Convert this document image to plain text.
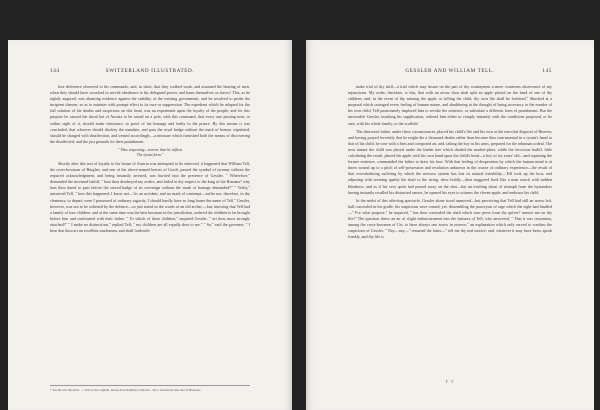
144	SWITZERLAND ILLUSTRATED.

lose deference observed to his commands; and, in short, that they walked weak, and assumed the bearing of men, when they should have crouched in servile obedience to his delegated power, and harm themselves as slaves! This, as he rightly augured, was alarming evidence against the stability of the existing government, and he resolved to probe the incipient disease, so as to minister with prompt effect to its cure or suppression. The expedient which he adopted for the full solution of his doubts and suspicions on this head, was an experiment upon the loyalty of the people; and for this purpose he caused the ducal hat of Austria to be raised on a pole, with this command, that every one passing near, or within sight of it, should make obeisance, in proof of his homage and fealty to the prince. By this means it was concluded, that whoever should disobey the mandate, and pass the royal badge without the mark of honour stipulated, should be charged with disaffection, and treated accordingly—a measure which furnished both the means of discovering the disaffected, and the just grounds for their punishment.

" Thus respecting—reverse then he inflicts
The tyrant form."

Shortly after this test of loyalty to the house of Austria was attempted to be enforced, it happened that William Tell, the cross-bowman of Bürglen, and one of the above-named heroes of Grutli, passed the symbol of tyranny without the required acknowledgment, and being instantly arrested, was hurried into the presence of Gessler. " Wherefore," demanded the incensed bailiff, " hast thou disobeyed my orders, and failed in thy respect to the king of the Romans? why hast thou dared to pass before the sacred badge of its sovereign without the mark of homage demanded?" " Verily," answered Tell, " how this happened, I know not—'tis an accident, and no mark of contempt—suffer me, therefore, in thy clemency, to depart; were I possessed of ordinary sagacity, I should hardly have so long borne the name of Tell." Gessler, however, was not to be softened by the defence—so just stated in the words of an old archer,—but, knowing that Tell had a family of four children, and at the same time was the best bowman in the jurisdiction, ordered the children to be brought before him and confronted with their father. " To which of these children," inquired Gessler, " art thou most strongly attached?" " I make no distinctions," replied Tell; " my children are all equally dear to me." " So," said the governor, " I hear that thou art an excellent marksman, and shall forthwith

* See the old chronicle. — Tell, in the original, means most humbled; fabratur—but a touchstone like that of Bruxelas.
GESSLER AND WILLIAM TELL.	145

make trial of thy skill—a trial which may insure on the part of thy countrymen a more courteous observance of my injunctions. My order, therefore, is this, that with an arrow thou shalt split an apple placed on the head of one of thy children; and, in the event of thy missing the apple, or killing the child, thy own life shall be forfeited." Shocked at a proposal which outraged every feeling of human nature, and shuddering at the thought of being accessory to the murder of his own child, Tell passionately implored him to revoke the sentence, or substitute a different form of punishment. But the inexorable Gessler, insulting his supplication, ordered him either to comply instantly with the conditions proposed, or be sent, with his whole family, to the scaffold.

The distracted father, under these circumstances, placed his child's life and his own at the merciful disposal of Heaven; and having prayed fervently that he might die a thousand deaths rather than become thus instrumental in a tyrant's hand to that of his child, he rose with a firm and composed air, and, taking the boy in his arms, prepared for the inhuman ordeal. The next instant the child was placed under the linden tree which shaded the market-place, while the ferocious bailiff, little calculating the result, placed the apple with his own hand upon the child's head—a boy of six years' old—and repeating the former sentence, commanded the father to draw his bow. With that feeling of desperation by which the human mind is at times wound up to a pitch of self-possession and resolution unknown in the course of ordinary experience—the result of that overwhelming suffering by which the nervous system has lost its natural irritability—Tell took up the bow, and adjusting with seeming apathy the shaft to the string, drew boldly—then staggered back like a man struck with sudden blindness, and as if his very spirit had passed away on the shot—but an exulting shout of triumph from the bystanders having instantly recalled his distracted senses, he opened his eyes to witness the cleven apple, and embrace his child.

In the midst of this affecting spectacle, Gessler alone stood unmoved—but perceiving that Tell had still an arrow left, half concealed in his girdle, his suspicions were roused; yet, dissembling the paroxysm of rage which the sight had kindled—" For what purpose," he inquired, " has thou concealed the shaft which now peers from thy quiver? answer me on thy life!" The question threw an air of slight embarrassment into the features of Tell, who answered, " That it was customary, among the cross-bowmen of Uri, to have always one arrow in reserve;" an explanation which only served to confirm the suspicions of Gessler. " Nay—nay—" resumed the latter—" tell me thy real motive; and, whatever it may have been, speak frankly, and thy life is

T T
